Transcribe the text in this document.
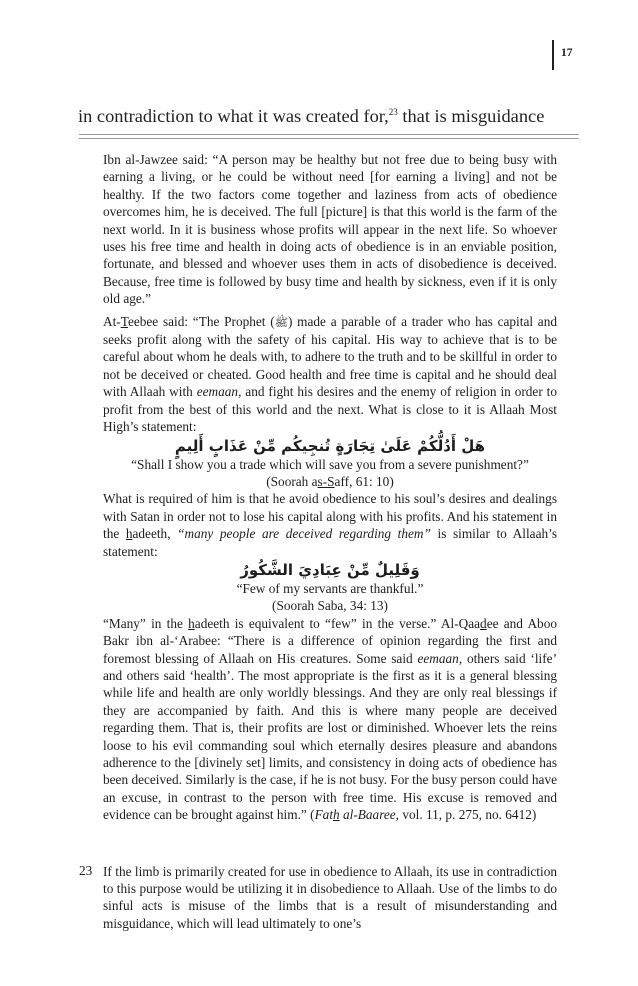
17
in contradiction to what it was created for,$^{23}$ that is misguidance

Ibn al-Jawzee said: “A person may be healthy but not free due to being busy with earning a living, or he could be without need [for earning a living] and not be healthy. If the two factors come together and laziness from acts of obedience overcomes him, he is deceived. The full [picture] is that this world is the farm of the next world. In it is business whose profits will appear in the next life. So whoever uses his free time and health in doing acts of obedience is in an enviable position, fortunate, and blessed and whoever uses them in acts of disobedience is deceived. Because, free time is followed by busy time and health by sickness, even if it is only old age.”

At-Teebee said: “The Prophet (ﷺ) made a parable of a trader who has capital and seeks profit along with the safety of his capital. His way to achieve that is to be careful about whom he deals with, to adhere to the truth and to be skillful in order to not be deceived or cheated. Good health and free time is capital and he should deal with Allaah with eemaan, and fight his desires and the enemy of religion in order to profit from the best of this world and the next. What is close to it is Allaah Most High’s statement:

هَلْ أَدُلُّكُمْ عَلَىٰ تِجَارَةٍ تُنجِيكُم مِّنْ عَذَابٍ أَلِيمٍ

“Shall I show you a trade which will save you from a severe punishment?”

(Soorah as-Saff, 61: 10)

What is required of him is that he avoid obedience to his soul’s desires and dealings with Satan in order not to lose his capital along with his profits. And his statement in the hadeeth, “many people are deceived regarding them” is similar to Allaah’s statement:

وَقَلِيلٌ مِّنْ عِبَادِيَ الشَّكُورُ

“Few of my servants are thankful.”

(Soorah Saba, 34: 13)

“Many” in the hadeeth is equivalent to “few” in the verse.” Al-Qaadee and Aboo Bakr ibn al-‘Arabee: “There is a difference of opinion regarding the first and foremost blessing of Allaah on His creatures. Some said eemaan, others said ‘life’ and others said ‘health’. The most appropriate is the first as it is a general blessing while life and health are only worldly blessings. And they are only real blessings if they are accompanied by faith. And this is where many people are deceived regarding them. That is, their profits are lost or diminished. Whoever lets the reins loose to his evil commanding soul which eternally desires pleasure and abandons adherence to the [divinely set] limits, and consistency in doing acts of obedience has been deceived. Similarly is the case, if he is not busy. For the busy person could have an excuse, in contrast to the person with free time. His excuse is removed and evidence can be brought against him.” (Fath al-Baaree, vol. 11, p. 275, no. 6412)

23 If the limb is primarily created for use in obedience to Allaah, its use in contradiction to this purpose would be utilizing it in disobedience to Allaah. Use of the limbs to do sinful acts is misuse of the limbs that is a result of misunderstanding and misguidance, which will lead ultimately to one’s
